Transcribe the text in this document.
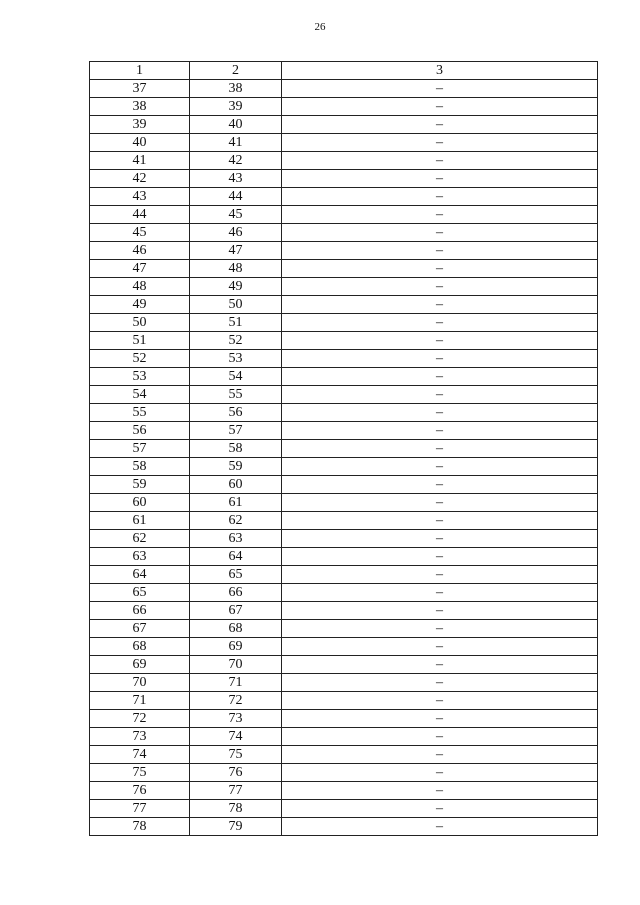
26
1	2	3
37	38	–
38	39	–
39	40	–
40	41	–
41	42	–
42	43	–
43	44	–
44	45	–
45	46	–
46	47	–
47	48	–
48	49	–
49	50	–
50	51	–
51	52	–
52	53	–
53	54	–
54	55	–
55	56	–
56	57	–
57	58	–
58	59	–
59	60	–
60	61	–
61	62	–
62	63	–
63	64	–
64	65	–
65	66	–
66	67	–
67	68	–
68	69	–
69	70	–
70	71	–
71	72	–
72	73	–
73	74	–
74	75	–
75	76	–
76	77	–
77	78	–
78	79	–
